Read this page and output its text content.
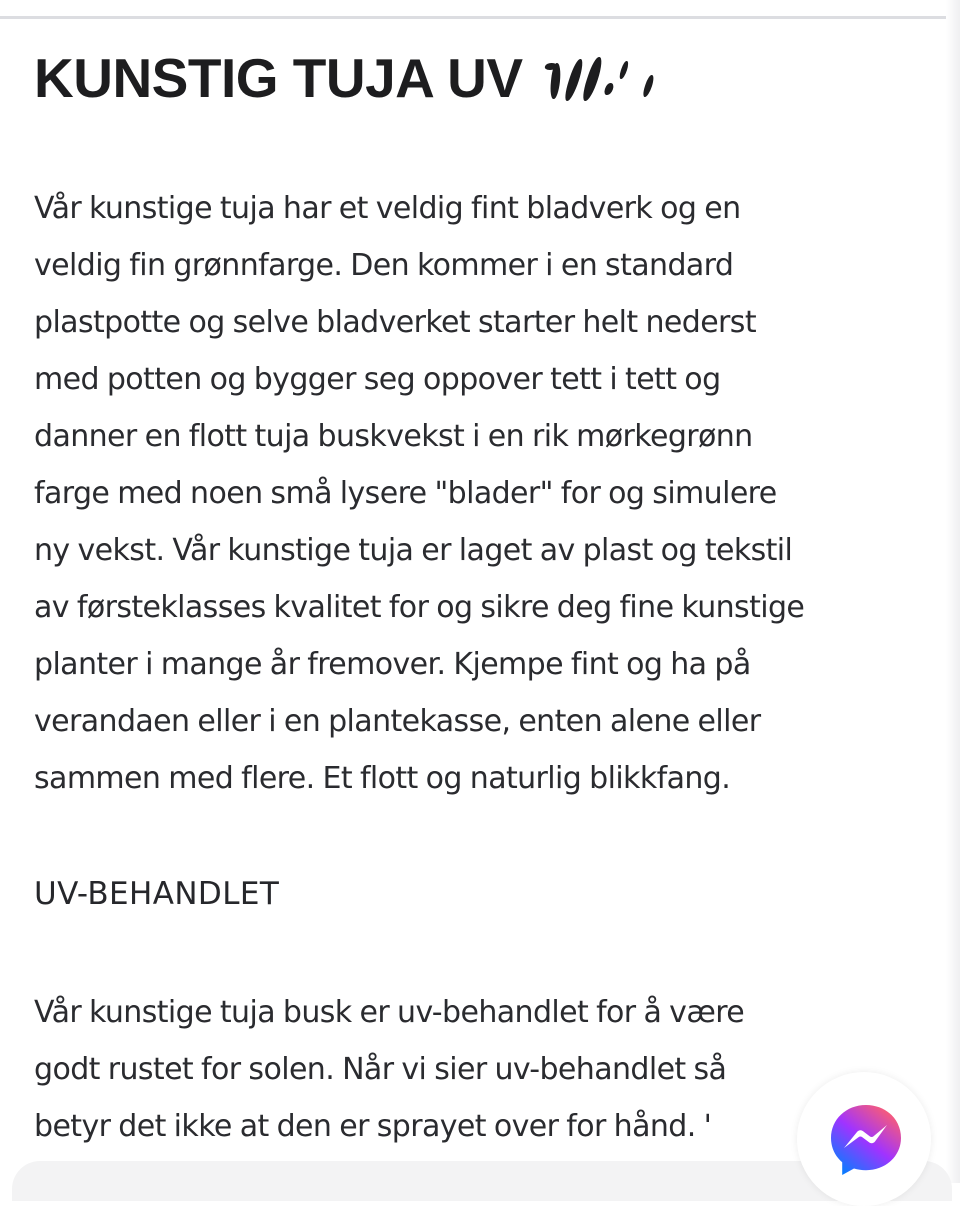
KUNSTIG TUJA UV

Vår kunstige tuja har et veldig fint bladverk og en
veldig fin grønnfarge. Den kommer i en standard
plastpotte og selve bladverket starter helt nederst
med potten og bygger seg oppover tett i tett og
danner en flott tuja buskvekst i en rik mørkegrønn
farge med noen små lysere "blader" for og simulere
ny vekst. Vår kunstige tuja er laget av plast og tekstil
av førsteklasses kvalitet for og sikre deg fine kunstige
planter i mange år fremover. Kjempe fint og ha på
verandaen eller i en plantekasse, enten alene eller
sammen med flere. Et flott og naturlig blikkfang.

UV-BEHANDLET

Vår kunstige tuja busk er uv-behandlet for å være
godt rustet for solen. Når vi sier uv-behandlet så
betyr det ikke at den er sprayet over for hånd. '
